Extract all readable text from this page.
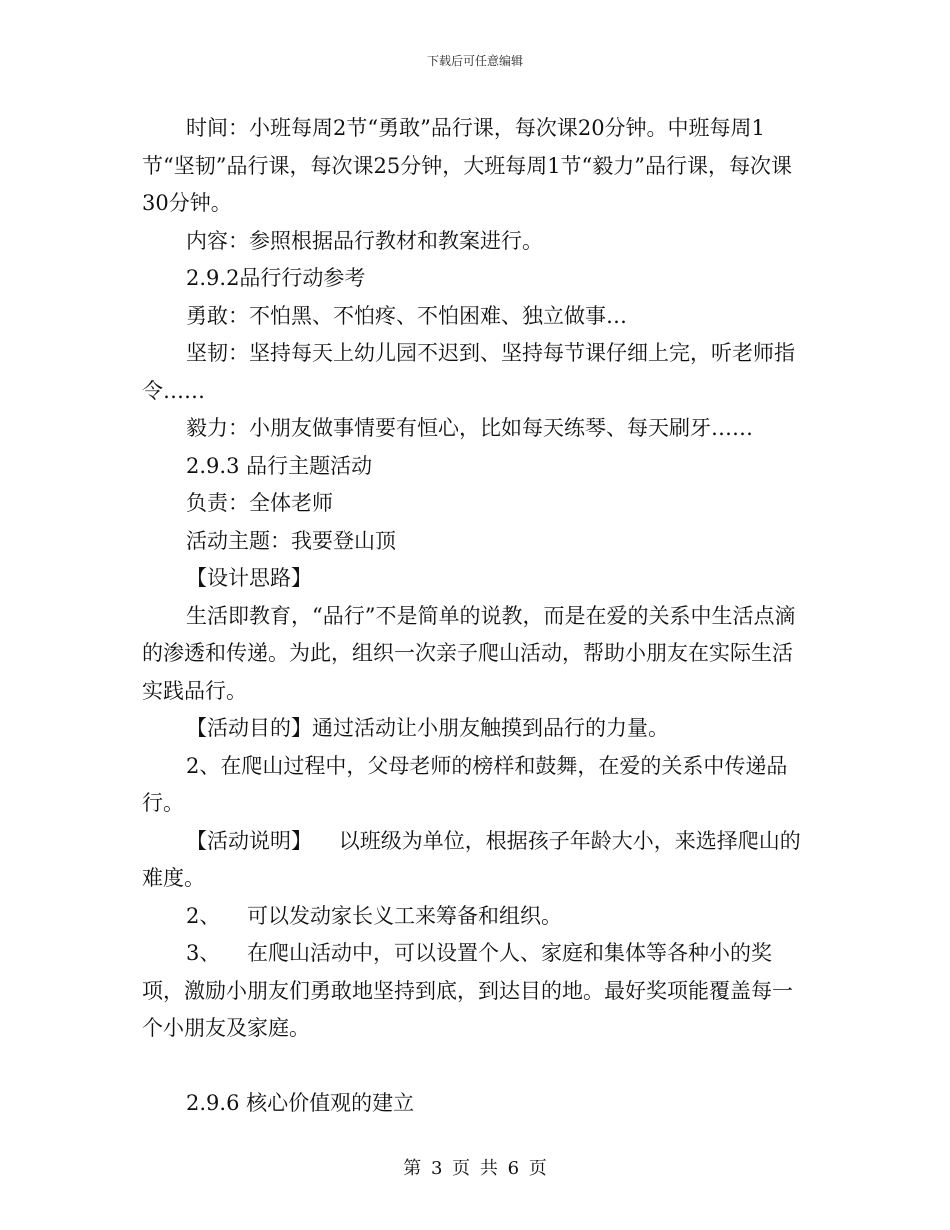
下载后可任意编辑

时间：小班每周2节“勇敢”品行课，每次课20分钟。中班每周1节“坚韧”品行课，每次课25分钟，大班每周1节“毅力”品行课，每次课30分钟。

内容：参照根据品行教材和教案进行。

2.9.2品行行动参考

勇敢：不怕黑、不怕疼、不怕困难、独立做事…

坚韧：坚持每天上幼儿园不迟到、坚持每节课仔细上完，听老师指令……

毅力：小朋友做事情要有恒心，比如每天练琴、每天刷牙……

2.9.3 品行主题活动

负责：全体老师

活动主题：我要登山顶

【设计思路】

生活即教育，“品行”不是简单的说教，而是在爱的关系中生活点滴的渗透和传递。为此，组织一次亲子爬山活动，帮助小朋友在实际生活实践品行。

【活动目的】通过活动让小朋友触摸到品行的力量。

2、在爬山过程中，父母老师的榜样和鼓舞，在爱的关系中传递品行。

【活动说明】    以班级为单位，根据孩子年龄大小，来选择爬山的难度。

2、    可以发动家长义工来筹备和组织。

3、    在爬山活动中，可以设置个人、家庭和集体等各种小的奖项，激励小朋友们勇敢地坚持到底，到达目的地。最好奖项能覆盖每一个小朋友及家庭。

2.9.6 核心价值观的建立

第 3 页 共 6 页
